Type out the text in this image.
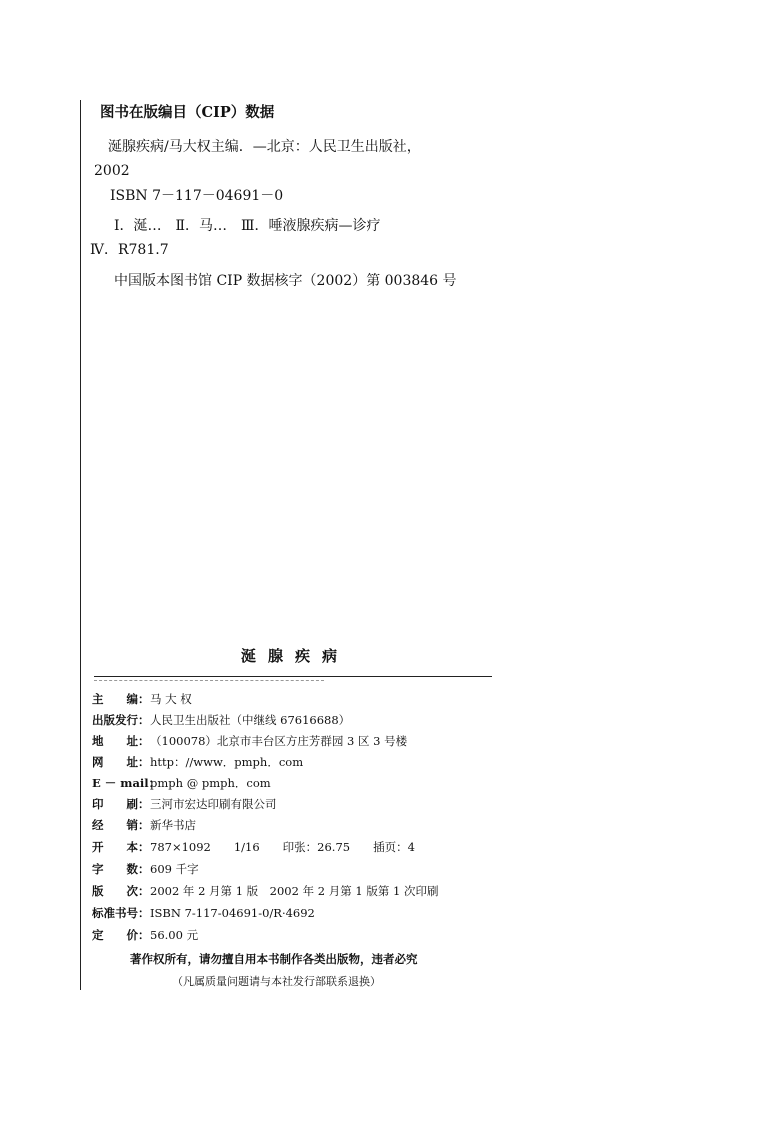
图书在版编目（CIP）数据
涎腺疾病/马大权主编．—北京：人民卫生出版社，
2002
ISBN 7－117－04691－0
Ⅰ．涎…　Ⅱ．马…　Ⅲ．唾液腺疾病—诊疗
Ⅳ．R781.7
中国版本图书馆 CIP 数据核字（2002）第 003846 号
涎腺疾病
主　　编：马 大 权
出版发行：人民卫生出版社（中继线 67616688）
地　　址：（100078）北京市丰台区方庄芳群园 3 区 3 号楼
网　　址：http：//www．pmph．com
E － mail：pmph @ pmph．com
印　　刷：三河市宏达印刷有限公司
经　　销：新华书店
开　　本：787×1092　　1/16　　印张：26.75　　插页：4
字　　数：609 千字
版　　次：2002 年 2 月第 1 版　2002 年 2 月第 1 版第 1 次印刷
标准书号：ISBN 7-117-04691-0/R·4692
定　　价：56.00 元
著作权所有，请勿擅自用本书制作各类出版物，违者必究
（凡属质量问题请与本社发行部联系退换）
